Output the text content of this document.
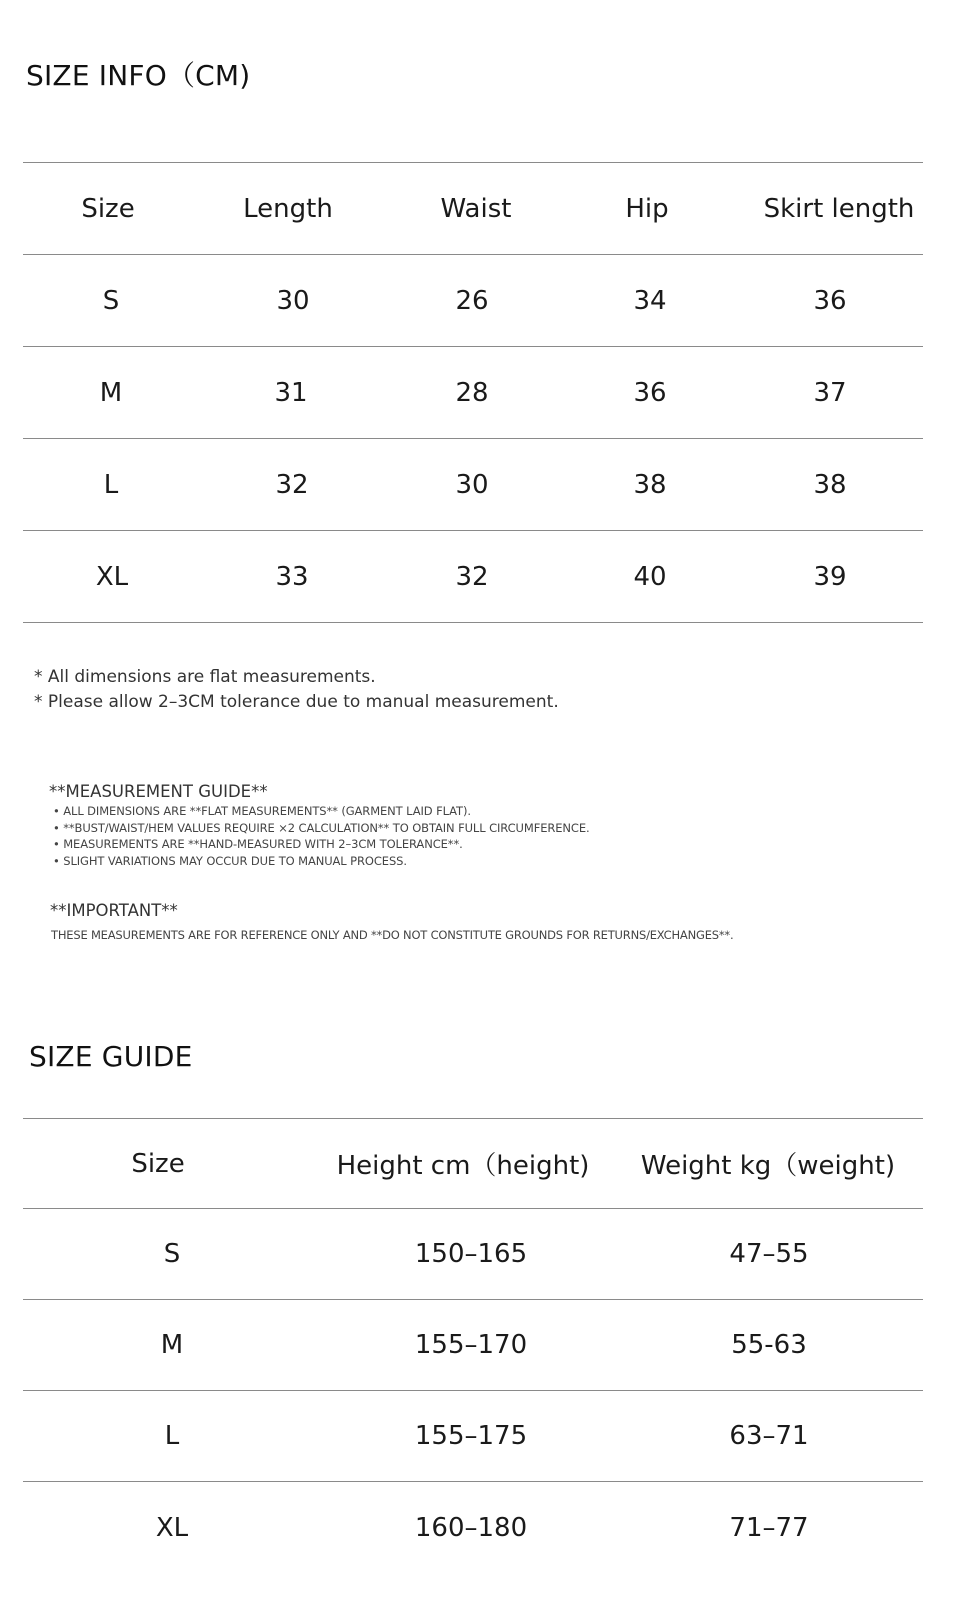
SIZE INFO（CM)
Size	Length	Waist	Hip	Skirt length
S	30	26	34	36
M	31	28	36	37
L	32	30	38	38
XL	33	32	40	39
* All dimensions are flat measurements.
* Please allow 2–3CM tolerance due to manual measurement.
**MEASUREMENT GUIDE**
• ALL DIMENSIONS ARE **FLAT MEASUREMENTS** (GARMENT LAID FLAT).
• **BUST/WAIST/HEM VALUES REQUIRE ×2 CALCULATION** TO OBTAIN FULL CIRCUMFERENCE.
• MEASUREMENTS ARE **HAND-MEASURED WITH 2–3CM TOLERANCE**.
• SLIGHT VARIATIONS MAY OCCUR DUE TO MANUAL PROCESS.
**IMPORTANT**
THESE MEASUREMENTS ARE FOR REFERENCE ONLY AND **DO NOT CONSTITUTE GROUNDS FOR RETURNS/EXCHANGES**.
SIZE GUIDE
Size	Height cm（height)	Weight kg（weight)
S	150–165	47–55
M	155–170	55-63
L	155–175	63–71
XL	160–180	71–77
